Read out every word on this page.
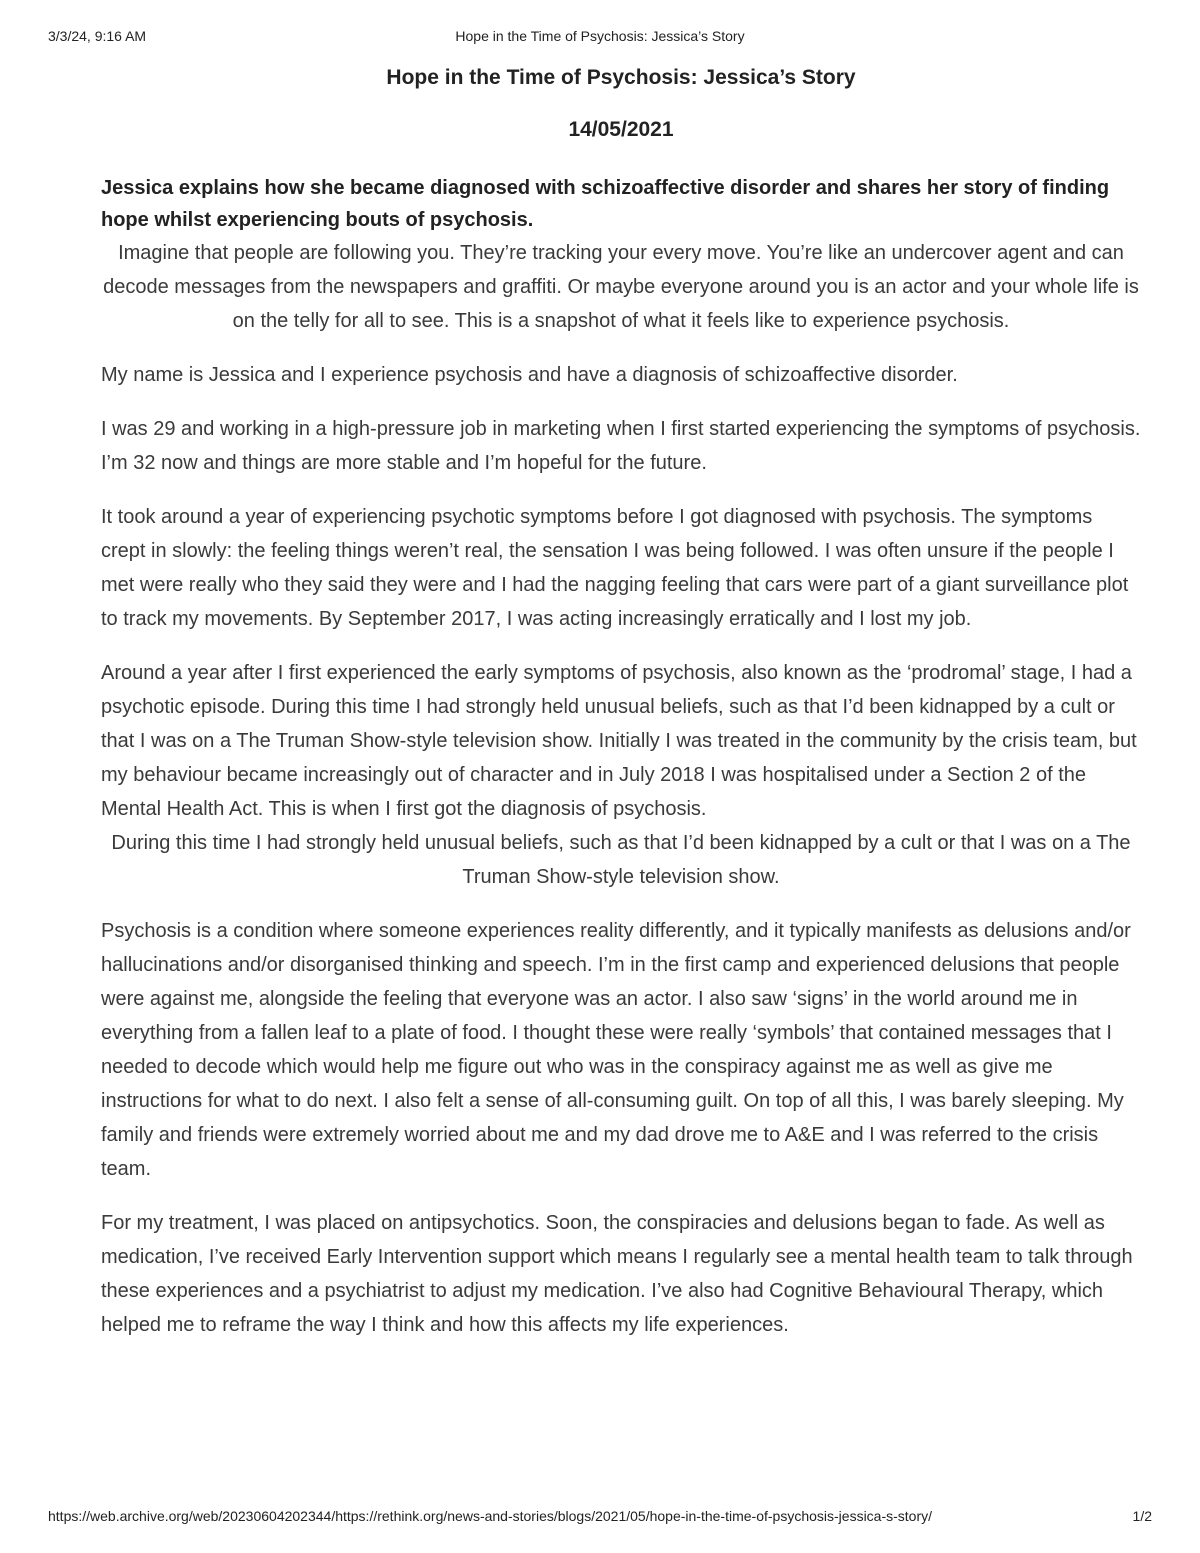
3/3/24, 9:16 AM	Hope in the Time of Psychosis: Jessica’s Story
Hope in the Time of Psychosis: Jessica’s Story

14/05/2021

Jessica explains how she became diagnosed with schizoaffective disorder and shares her story of finding hope whilst experiencing bouts of psychosis.

Imagine that people are following you. They’re tracking your every move. You’re like an undercover agent and can decode messages from the newspapers and graffiti. Or maybe everyone around you is an actor and your whole life is on the telly for all to see. This is a snapshot of what it feels like to experience psychosis.

My name is Jessica and I experience psychosis and have a diagnosis of schizoaffective disorder.

I was 29 and working in a high-pressure job in marketing when I first started experiencing the symptoms of psychosis. I’m 32 now and things are more stable and I’m hopeful for the future.

It took around a year of experiencing psychotic symptoms before I got diagnosed with psychosis. The symptoms crept in slowly: the feeling things weren’t real, the sensation I was being followed. I was often unsure if the people I met were really who they said they were and I had the nagging feeling that cars were part of a giant surveillance plot to track my movements. By September 2017, I was acting increasingly erratically and I lost my job.

Around a year after I first experienced the early symptoms of psychosis, also known as the ‘prodromal’ stage, I had a psychotic episode. During this time I had strongly held unusual beliefs, such as that I’d been kidnapped by a cult or that I was on a The Truman Show-style television show. Initially I was treated in the community by the crisis team, but my behaviour became increasingly out of character and in July 2018 I was hospitalised under a Section 2 of the Mental Health Act. This is when I first got the diagnosis of psychosis.

During this time I had strongly held unusual beliefs, such as that I’d been kidnapped by a cult or that I was on a The Truman Show-style television show.

Psychosis is a condition where someone experiences reality differently, and it typically manifests as delusions and/or hallucinations and/or disorganised thinking and speech. I’m in the first camp and experienced delusions that people were against me, alongside the feeling that everyone was an actor. I also saw ‘signs’ in the world around me in everything from a fallen leaf to a plate of food. I thought these were really ‘symbols’ that contained messages that I needed to decode which would help me figure out who was in the conspiracy against me as well as give me instructions for what to do next. I also felt a sense of all-consuming guilt. On top of all this, I was barely sleeping. My family and friends were extremely worried about me and my dad drove me to A&E and I was referred to the crisis team.

For my treatment, I was placed on antipsychotics. Soon, the conspiracies and delusions began to fade. As well as medication, I’ve received Early Intervention support which means I regularly see a mental health team to talk through these experiences and a psychiatrist to adjust my medication. I’ve also had Cognitive Behavioural Therapy, which helped me to reframe the way I think and how this affects my life experiences.

https://web.archive.org/web/20230604202344/https://rethink.org/news-and-stories/blogs/2021/05/hope-in-the-time-of-psychosis-jessica-s-story/	1/2
